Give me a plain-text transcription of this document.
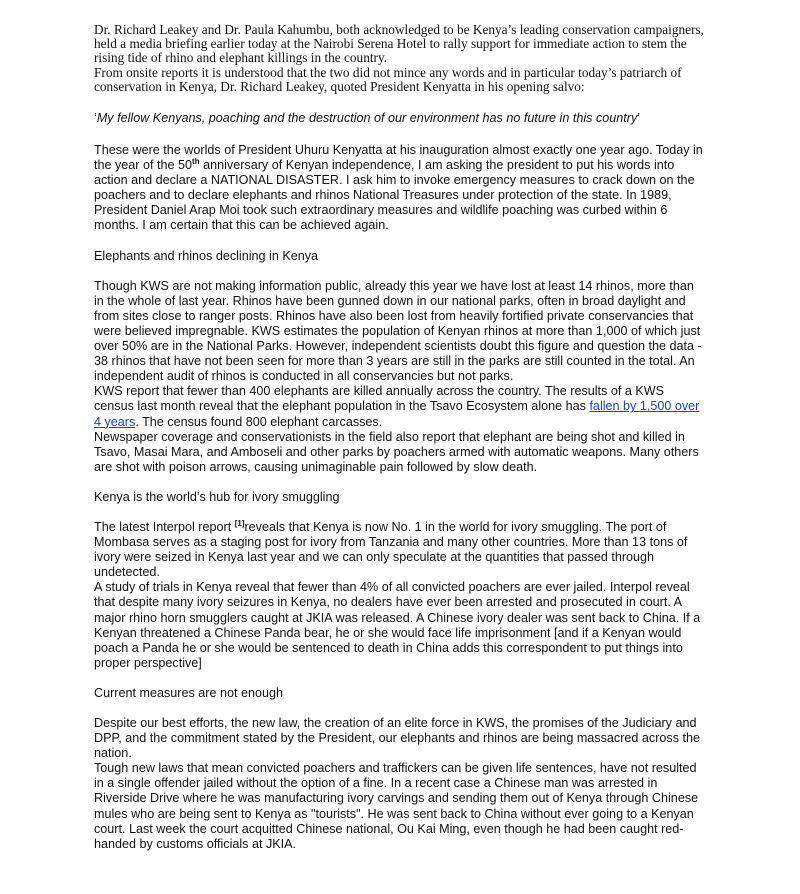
Dr. Richard Leakey and Dr. Paula Kahumbu, both acknowledged to be Kenya’s leading conservation campaigners, held a media briefing earlier today at the Nairobi Serena Hotel to rally support for immediate action to stem the rising tide of rhino and elephant killings in the country.

From onsite reports it is understood that the two did not mince any words and in particular today’s patriarch of conservation in Kenya, Dr. Richard Leakey, quoted President Kenyatta in his opening salvo:

‘My fellow Kenyans, poaching and the destruction of our environment has no future in this country’

These were the worlds of President Uhuru Kenyatta at his inauguration almost exactly one year ago. Today in the year of the 50th anniversary of Kenyan independence, I am asking the president to put his words into action and declare a NATIONAL DISASTER. I ask him to invoke emergency measures to crack down on the poachers and to declare elephants and rhinos National Treasures under protection of the state. In 1989, President Daniel Arap Moi took such extraordinary measures and wildlife poaching was curbed within 6 months. I am certain that this can be achieved again.

Elephants and rhinos declining in Kenya

Though KWS are not making information public, already this year we have lost at least 14 rhinos, more than in the whole of last year. Rhinos have been gunned down in our national parks, often in broad daylight and from sites close to ranger posts. Rhinos have also been lost from heavily fortified private conservancies that were believed impregnable. KWS estimates the population of Kenyan rhinos at more than 1,000 of which just over 50% are in the National Parks. However, independent scientists doubt this figure and question the data - 38 rhinos that have not been seen for more than 3 years are still in the parks are still counted in the total. An independent audit of rhinos is conducted in all conservancies but not parks.

KWS report that fewer than 400 elephants are killed annually across the country. The results of a KWS census last month reveal that the elephant population in the Tsavo Ecosystem alone has fallen by 1,500 over 4 years. The census found 800 elephant carcasses.

Newspaper coverage and conservationists in the field also report that elephant are being shot and killed in Tsavo, Masai Mara, and Amboseli and other parks by poachers armed with automatic weapons. Many others are shot with poison arrows, causing unimaginable pain followed by slow death.

Kenya is the world’s hub for ivory smuggling

The latest Interpol report [1]reveals that Kenya is now No. 1 in the world for ivory smuggling. The port of Mombasa serves as a staging post for ivory from Tanzania and many other countries. More than 13 tons of ivory were seized in Kenya last year and we can only speculate at the quantities that passed through undetected.

A study of trials in Kenya reveal that fewer than 4% of all convicted poachers are ever jailed. Interpol reveal that despite many ivory seizures in Kenya, no dealers have ever been arrested and prosecuted in court. A major rhino horn smugglers caught at JKIA was released. A Chinese ivory dealer was sent back to China. If a Kenyan threatened a Chinese Panda bear, he or she would face life imprisonment [and if a Kenyan would poach a Panda he or she would be sentenced to death in China adds this correspondent to put things into proper perspective]

Current measures are not enough

Despite our best efforts, the new law, the creation of an elite force in KWS, the promises of the Judiciary and DPP, and the commitment stated by the President, our elephants and rhinos are being massacred across the nation.

Tough new laws that mean convicted poachers and traffickers can be given life sentences, have not resulted in a single offender jailed without the option of a fine. In a recent case a Chinese man was arrested in Riverside Drive where he was manufacturing ivory carvings and sending them out of Kenya through Chinese mules who are being sent to Kenya as "tourists". He was sent back to China without ever going to a Kenyan court. Last week the court acquitted Chinese national, Ou Kai Ming, even though he had been caught red-handed by customs officials at JKIA.
